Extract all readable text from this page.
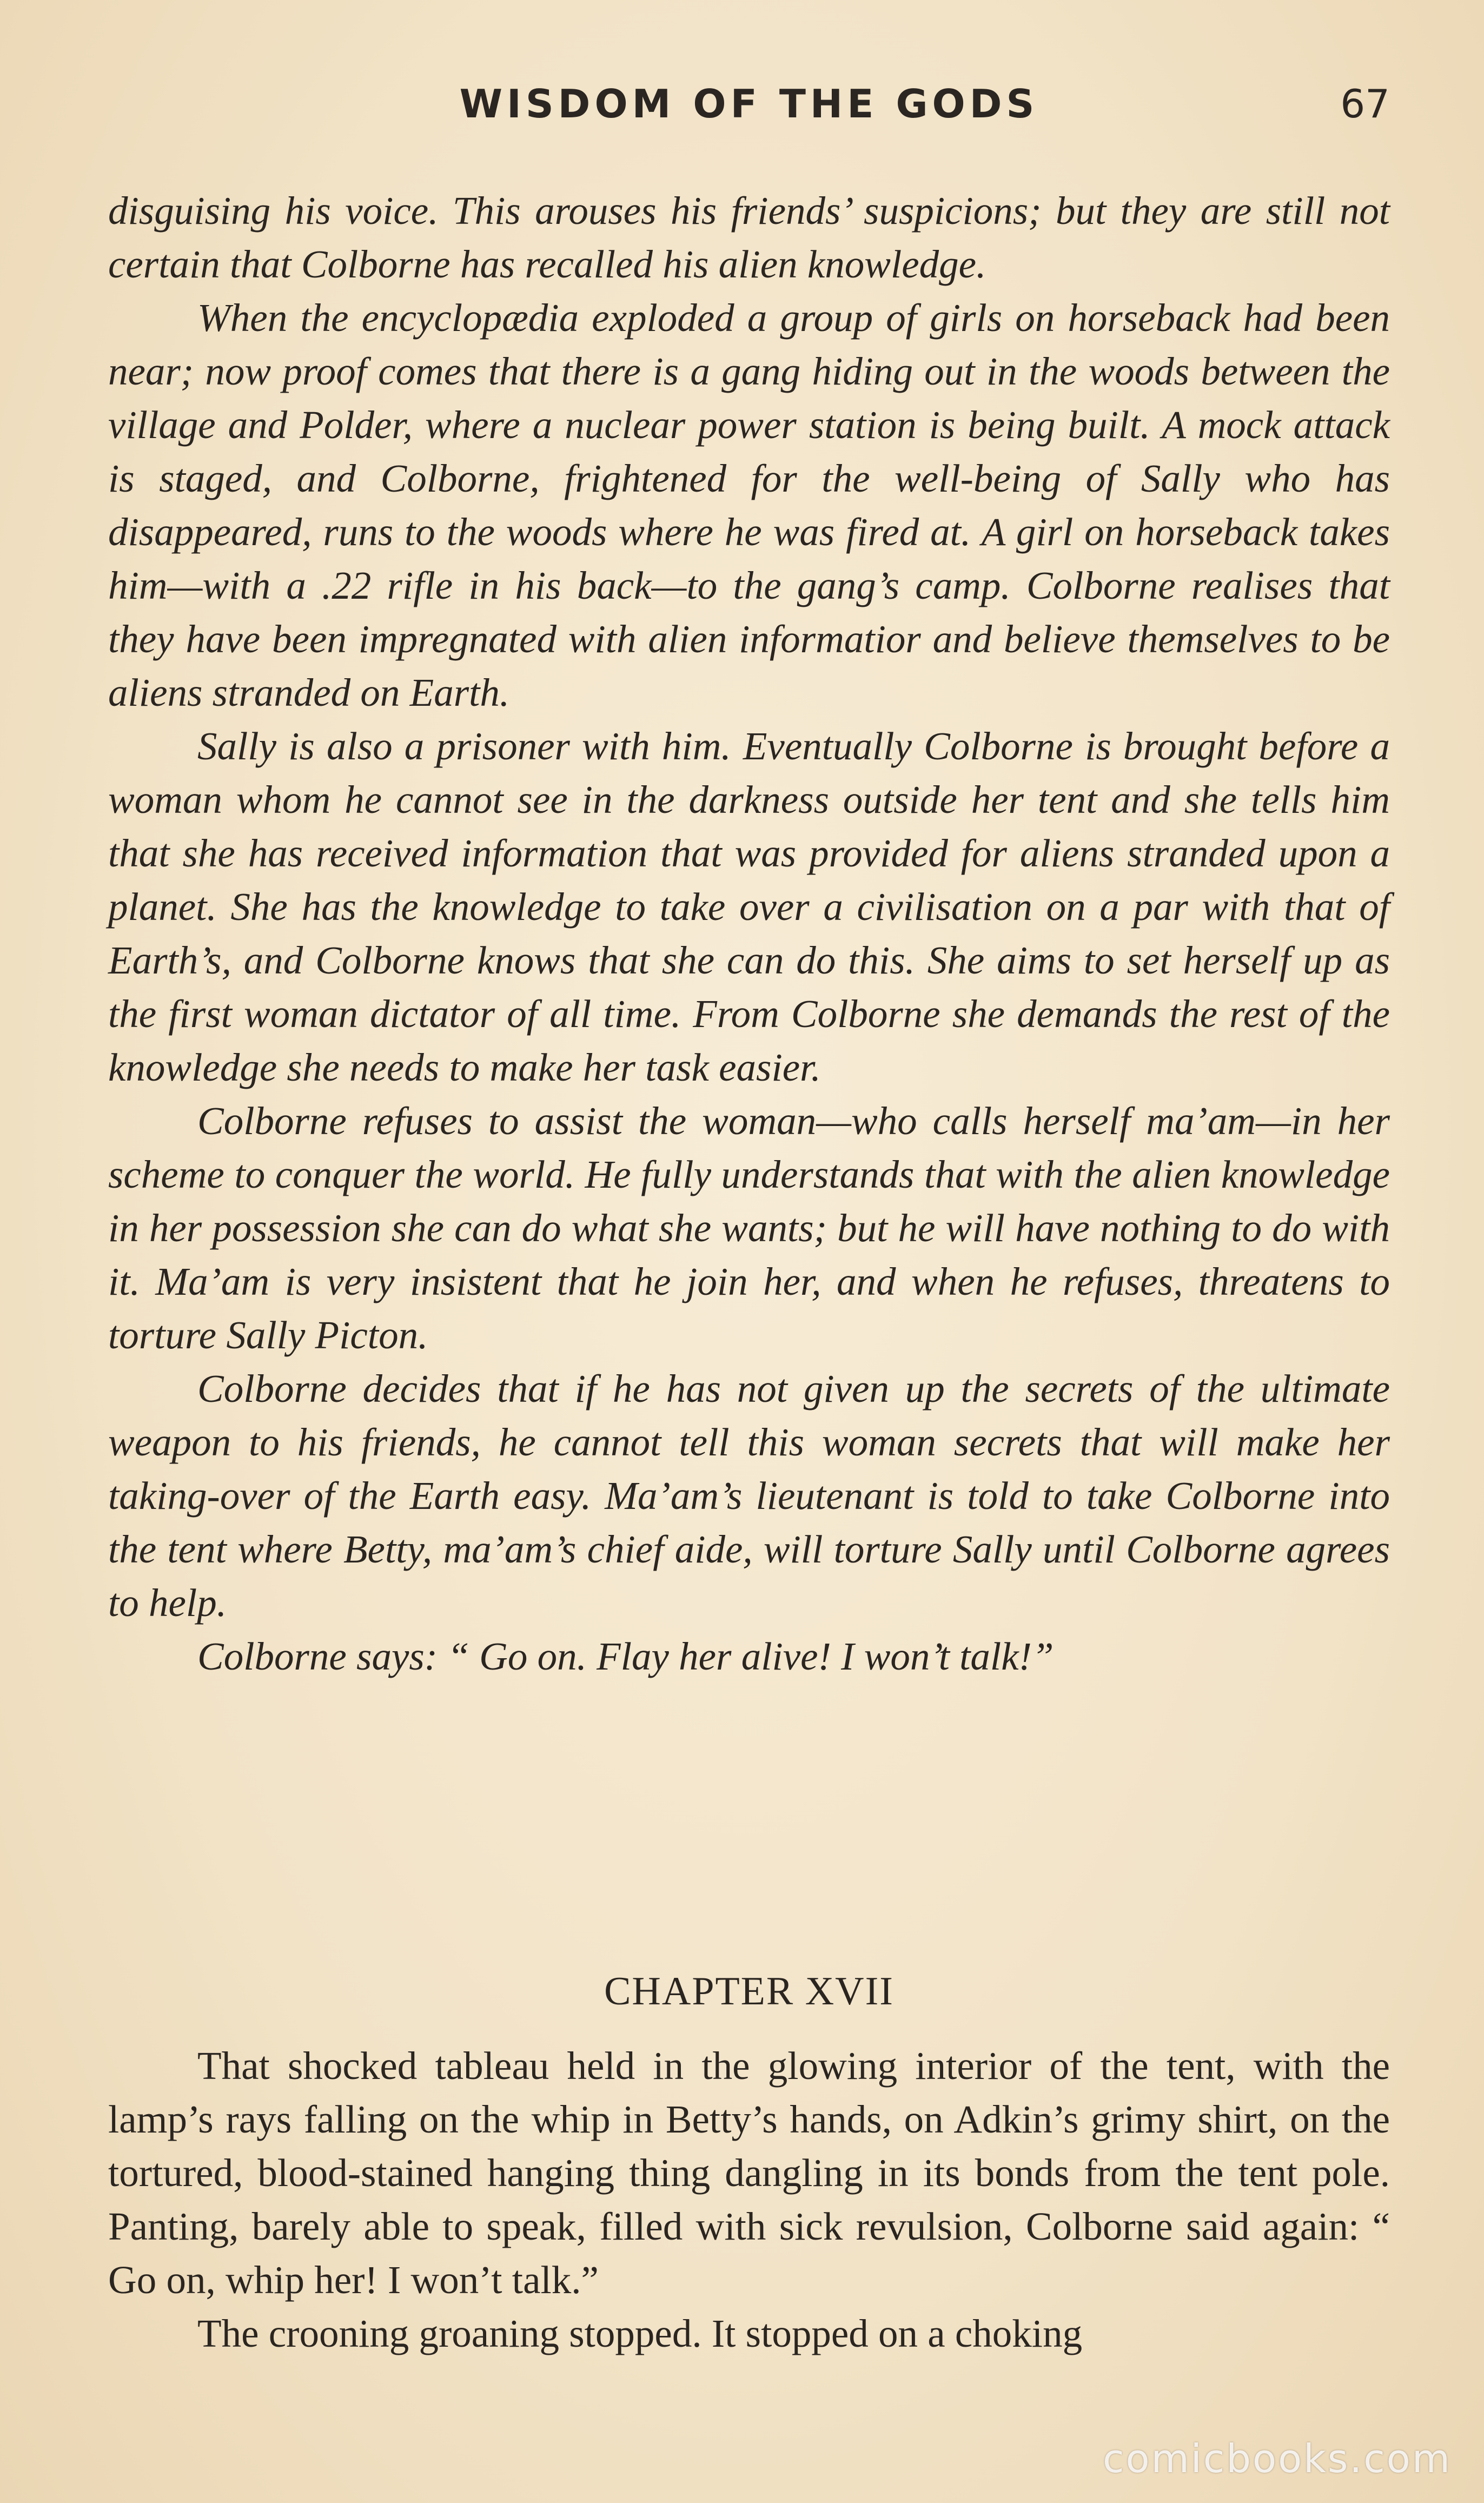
WISDOM OF THE GODS	67

disguising his voice. This arouses his friends’ suspicions; but they are still not certain that Colborne has recalled his alien knowledge.

When the encyclopædia exploded a group of girls on horseback had been near; now proof comes that there is a gang hiding out in the woods between the village and Polder, where a nuclear power station is being built. A mock attack is staged, and Colborne, frightened for the well-being of Sally who has disappeared, runs to the woods where he was fired at. A girl on horseback takes him—with a .22 rifle in his back—to the gang’s camp. Colborne realises that they have been impregnated with alien informatior and believe themselves to be aliens stranded on Earth.

Sally is also a prisoner with him. Eventually Colborne is brought before a woman whom he cannot see in the darkness outside her tent and she tells him that she has received information that was provided for aliens stranded upon a planet. She has the knowledge to take over a civilisation on a par with that of Earth’s, and Colborne knows that she can do this. She aims to set herself up as the first woman dictator of all time. From Colborne she demands the rest of the knowledge she needs to make her task easier.

Colborne refuses to assist the woman—who calls herself ma’am—in her scheme to conquer the world. He fully understands that with the alien knowledge in her possession she can do what she wants; but he will have nothing to do with it. Ma’am is very insistent that he join her, and when he refuses, threatens to torture Sally Picton.

Colborne decides that if he has not given up the secrets of the ultimate weapon to his friends, he cannot tell this woman secrets that will make her taking-over of the Earth easy. Ma’am’s lieutenant is told to take Colborne into the tent where Betty, ma’am’s chief aide, will torture Sally until Colborne agrees to help.

Colborne says: “ Go on. Flay her alive! I won’t talk!”

CHAPTER XVII

That shocked tableau held in the glowing interior of the tent, with the lamp’s rays falling on the whip in Betty’s hands, on Adkin’s grimy shirt, on the tortured, blood-stained hanging thing dangling in its bonds from the tent pole. Panting, barely able to speak, filled with sick revulsion, Colborne said again: “ Go on, whip her! I won’t talk.”

The crooning groaning stopped. It stopped on a choking

comicbooks.com
